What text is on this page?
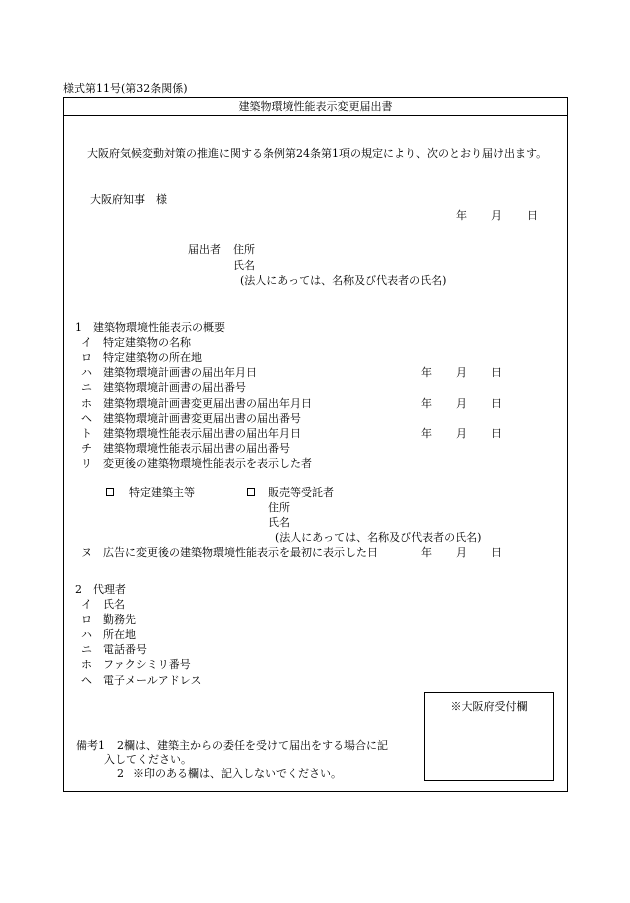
様式第11号(第32条関係)
建築物環境性能表示変更届出書
大阪府気候変動対策の推進に関する条例第24条第1項の規定により、次のとおり届け出ます。
大阪府知事　様
年 月 日
届出者 住所
氏名
(法人にあっては、名称及び代表者の氏名)
1　建築物環境性能表示の概要
イ 特定建築物の名称
ロ 特定建築物の所在地
ハ 建築物環境計画書の届出年月日	年 月 日
ニ 建築物環境計画書の届出番号
ホ 建築物環境計画書変更届出書の届出年月日	年 月 日
ヘ 建築物環境計画書変更届出書の届出番号
ト 建築物環境性能表示届出書の届出年月日	年 月 日
チ 建築物環境性能表示届出書の届出番号
リ 変更後の建築物環境性能表示を表示した者
特定建築主等	販売等受託者
住所
氏名
(法人にあっては、名称及び代表者の氏名)
ヌ 広告に変更後の建築物環境性能表示を最初に表示した日	年 月 日
2　代理者
イ 氏名
ロ 勤務先
ハ 所在地
ニ 電話番号
ホ ファクシミリ番号
ヘ 電子メールアドレス
※大阪府受付欄
備考1 2欄は、建築主からの委任を受けて届出をする場合に記
入してください。
2 ※印のある欄は、記入しないでください。
